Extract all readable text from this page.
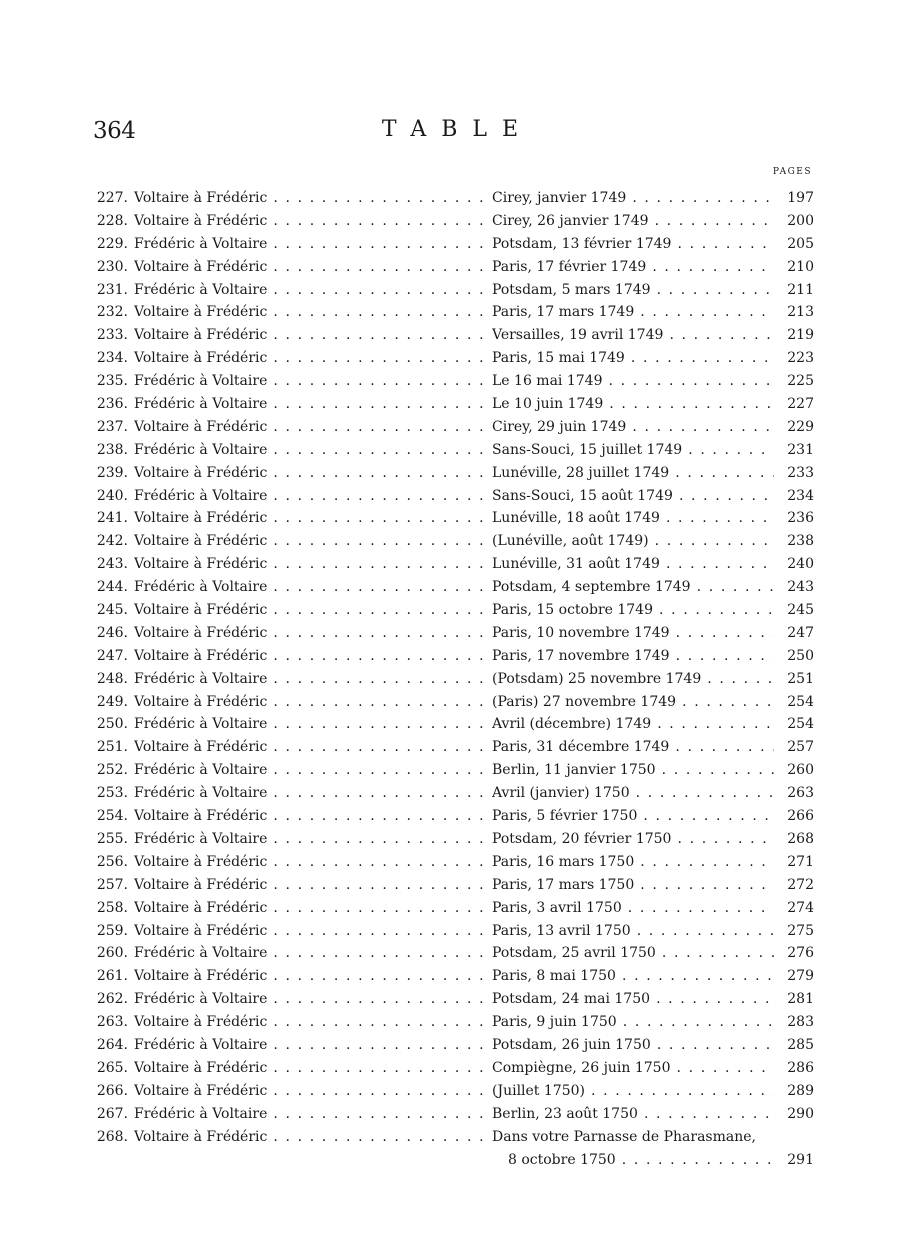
364	TABLE
PAGES
227. Voltaire à Frédéric . . .	Cirey, janvier 1749 . . .	197
228. Voltaire à Frédéric . . .	Cirey, 26 janvier 1749 . . .	200
229. Frédéric à Voltaire . . .	Potsdam, 13 février 1749 . . .	205
230. Voltaire à Frédéric . . .	Paris, 17 février 1749 . . .	210
231. Frédéric à Voltaire . . .	Potsdam, 5 mars 1749 . . .	211
232. Voltaire à Frédéric . . .	Paris, 17 mars 1749 . . .	213
233. Voltaire à Frédéric . . .	Versailles, 19 avril 1749 . . .	219
234. Voltaire à Frédéric . . .	Paris, 15 mai 1749 . . .	223
235. Frédéric à Voltaire . . .	Le 16 mai 1749 . . .	225
236. Frédéric à Voltaire . . .	Le 10 juin 1749 . . .	227
237. Voltaire à Frédéric . . .	Cirey, 29 juin 1749 . . .	229
238. Frédéric à Voltaire . . .	Sans-Souci, 15 juillet 1749 . . .	231
239. Voltaire à Frédéric . . .	Lunéville, 28 juillet 1749 . . .	233
240. Frédéric à Voltaire . . .	Sans-Souci, 15 août 1749 . . .	234
241. Voltaire à Frédéric . . .	Lunéville, 18 août 1749 . . .	236
242. Voltaire à Frédéric . . .	(Lunéville, août 1749) . . .	238
243. Voltaire à Frédéric . . .	Lunéville, 31 août 1749 . . .	240
244. Frédéric à Voltaire . . .	Potsdam, 4 septembre 1749 . . .	243
245. Voltaire à Frédéric . . .	Paris, 15 octobre 1749 . . .	245
246. Voltaire à Frédéric . . .	Paris, 10 novembre 1749 . . .	247
247. Voltaire à Frédéric . . .	Paris, 17 novembre 1749 . . .	250
248. Frédéric à Voltaire . . .	(Potsdam) 25 novembre 1749 . . .	251
249. Voltaire à Frédéric . . .	(Paris) 27 novembre 1749 . . .	254
250. Frédéric à Voltaire . . .	Avril (décembre) 1749 . . .	254
251. Voltaire à Frédéric . . .	Paris, 31 décembre 1749 . . .	257
252. Frédéric à Voltaire . . .	Berlin, 11 janvier 1750 . . .	260
253. Frédéric à Voltaire . . .	Avril (janvier) 1750 . . .	263
254. Voltaire à Frédéric . . .	Paris, 5 février 1750 . . .	266
255. Frédéric à Voltaire . . .	Potsdam, 20 février 1750 . . .	268
256. Voltaire à Frédéric . . .	Paris, 16 mars 1750 . . .	271
257. Voltaire à Frédéric . . .	Paris, 17 mars 1750 . . .	272
258. Voltaire à Frédéric . . .	Paris, 3 avril 1750 . . .	274
259. Voltaire à Frédéric . . .	Paris, 13 avril 1750 . . .	275
260. Frédéric à Voltaire . . .	Potsdam, 25 avril 1750 . . .	276
261. Voltaire à Frédéric . . .	Paris, 8 mai 1750 . . .	279
262. Frédéric à Voltaire . . .	Potsdam, 24 mai 1750 . . .	281
263. Voltaire à Frédéric . . .	Paris, 9 juin 1750 . . .	283
264. Frédéric à Voltaire . . .	Potsdam, 26 juin 1750 . . .	285
265. Voltaire à Frédéric . . .	Compiègne, 26 juin 1750 . . .	286
266. Voltaire à Frédéric . . .	(Juillet 1750) . . .	289
267. Frédéric à Voltaire . . .	Berlin, 23 août 1750 . . .	290
268. Voltaire à Frédéric . . .	Dans votre Parnasse de Pharasmane,
8 octobre 1750 . . .	291
